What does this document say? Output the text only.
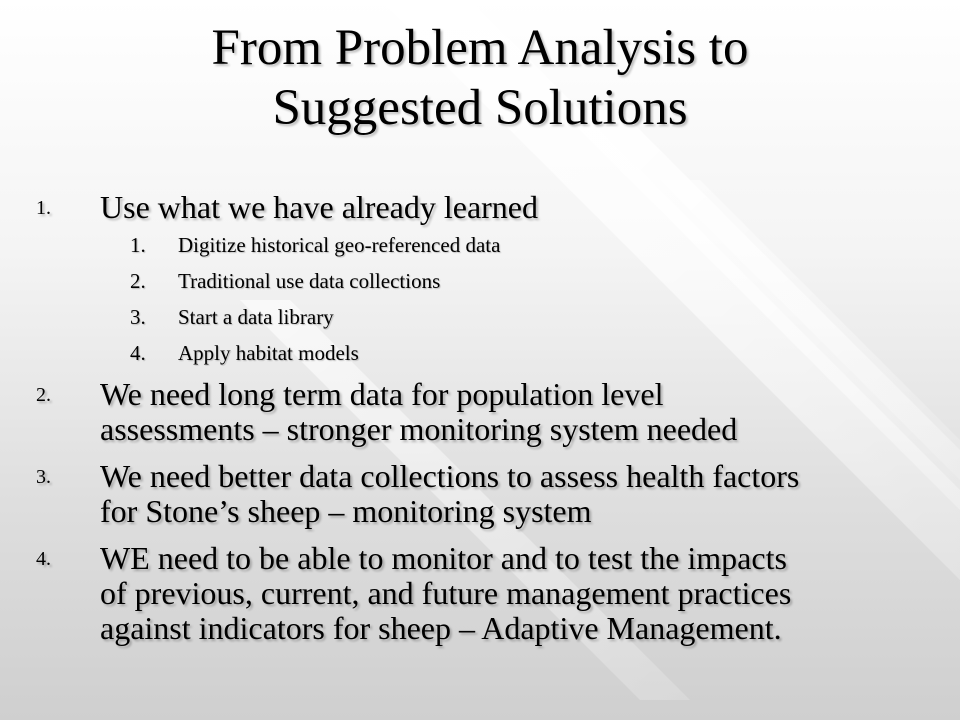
From Problem Analysis to
Suggested Solutions
1. Use what we have already learned
1. Digitize historical geo-referenced data
2. Traditional use data collections
3. Start a data library
4. Apply habitat models
2. We need long term data for population level
assessments – stronger monitoring system needed
3. We need better data collections to assess health factors
for Stone’s sheep – monitoring system
4. WE need to be able to monitor and to test the impacts
of previous, current, and future management practices
against indicators for sheep – Adaptive Management.
